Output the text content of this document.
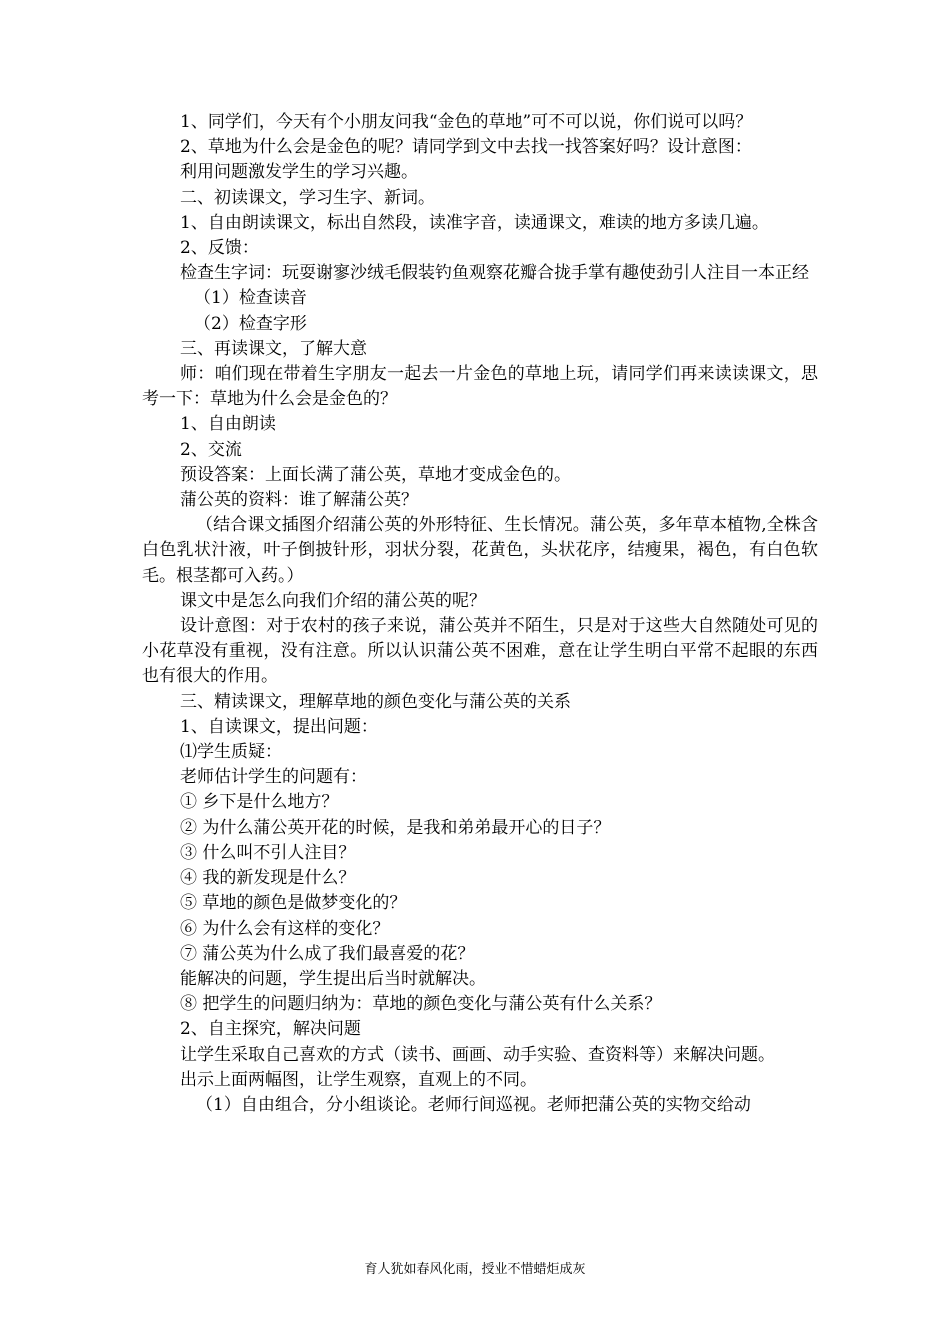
1、同学们，今天有个小朋友问我“金色的草地”可不可以说，你们说可以吗？

2、草地为什么会是金色的呢？请同学到文中去找一找答案好吗？设计意图：

利用问题激发学生的学习兴趣。

二、初读课文，学习生字、新词。

1、自由朗读课文，标出自然段，读准字音，读通课文，难读的地方多读几遍。

2、反馈：

检查生字词：玩耍谢寥沙绒毛假装钓鱼观察花瓣合拢手掌有趣使劲引人注目一本正经

（1）检查读音

（2）检查字形

三、再读课文，了解大意

师：咱们现在带着生字朋友一起去一片金色的草地上玩，请同学们再来读读课文，思考一下：草地为什么会是金色的？

1、自由朗读

2、交流

预设答案：上面长满了蒲公英，草地才变成金色的。

蒲公英的资料：谁了解蒲公英？

（结合课文插图介绍蒲公英的外形特征、生长情况。蒲公英，多年草本植物,全株含白色乳状汁液，叶子倒披针形，羽状分裂，花黄色，头状花序，结瘦果，褐色，有白色软毛。根茎都可入药。）

课文中是怎么向我们介绍的蒲公英的呢？

设计意图：对于农村的孩子来说，蒲公英并不陌生，只是对于这些大自然随处可见的小花草没有重视，没有注意。所以认识蒲公英不困难，意在让学生明白平常不起眼的东西也有很大的作用。

三、精读课文，理解草地的颜色变化与蒲公英的关系

1、自读课文，提出问题：

⑴学生质疑：

老师估计学生的问题有：

① 乡下是什么地方？

② 为什么蒲公英开花的时候，是我和弟弟最开心的日子？

③ 什么叫不引人注目？

④ 我的新发现是什么？

⑤ 草地的颜色是做梦变化的？

⑥ 为什么会有这样的变化？

⑦ 蒲公英为什么成了我们最喜爱的花？

能解决的问题，学生提出后当时就解决。

⑧ 把学生的问题归纳为：草地的颜色变化与蒲公英有什么关系？

2、自主探究，解决问题

让学生采取自己喜欢的方式（读书、画画、动手实验、查资料等）来解决问题。

出示上面两幅图，让学生观察，直观上的不同。

（1）自由组合，分小组谈论。老师行间巡视。老师把蒲公英的实物交给动

育人犹如春风化雨，授业不惜蜡炬成灰
